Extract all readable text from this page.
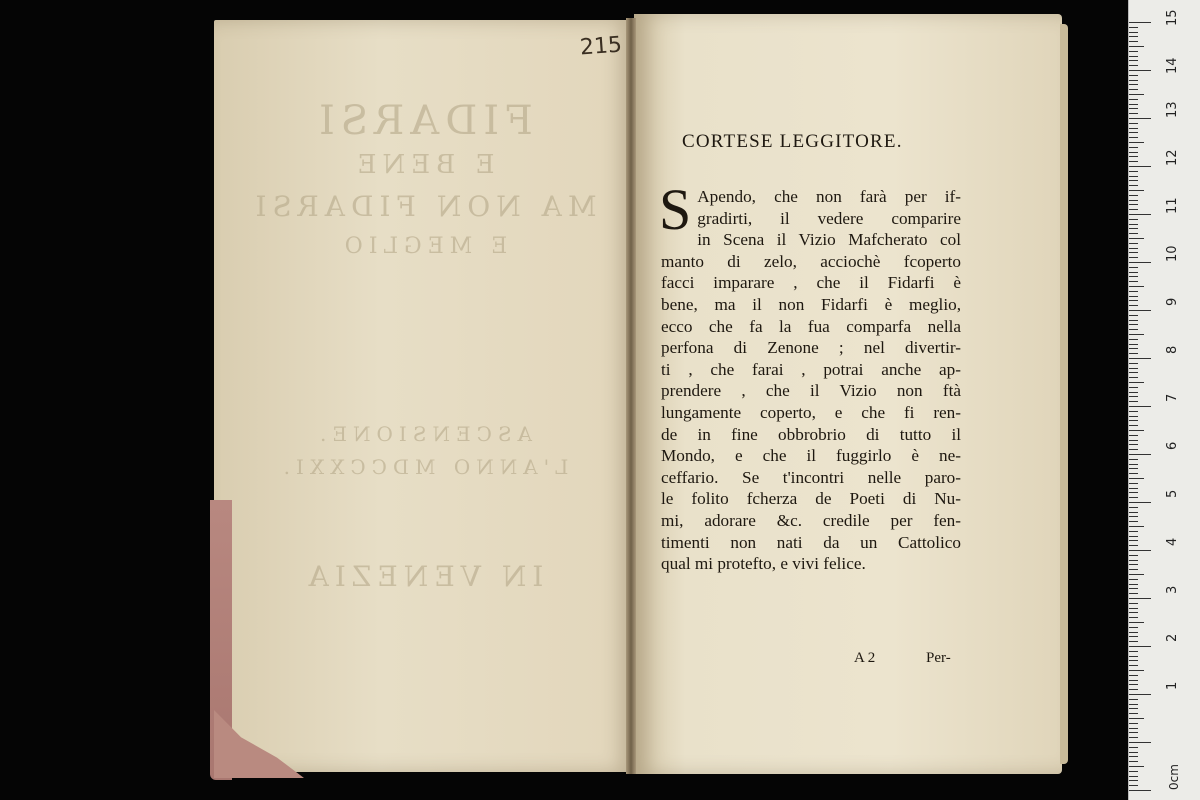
FIDARSI
E BENE
MA NON FIDARSI
E MEGLIO
ASCENSIONE.
L'ANNO MDCCXXI.
IN VENEZIA
215
CORTESE LEGGITORE.
S Apendo, che non farà per if-
gradirti, il vedere comparire
in Scena il Vizio Mafcherato col
manto di zelo, acciochè fcoperto
facci imparare , che il Fidarfi è
bene, ma il non Fidarfi è meglio,
ecco che fa la fua comparfa nella
perfona di Zenone ; nel divertir-
ti , che farai , potrai anche ap-
prendere , che il Vizio non ftà
lungamente coperto, e che fi ren-
de in fine obbrobrio di tutto il
Mondo, e che il fuggirlo è ne-
ceffario. Se t'incontri nelle paro-
le folito fcherza de Poeti di Nu-
mi, adorare &c. credile per fen-
timenti non nati da un Cattolico
qual mi protefto, e vivi felice.
A 2	Per-
1
2
3
4
5
6
7
8
9
10
11
12
13
14
15
0cm
